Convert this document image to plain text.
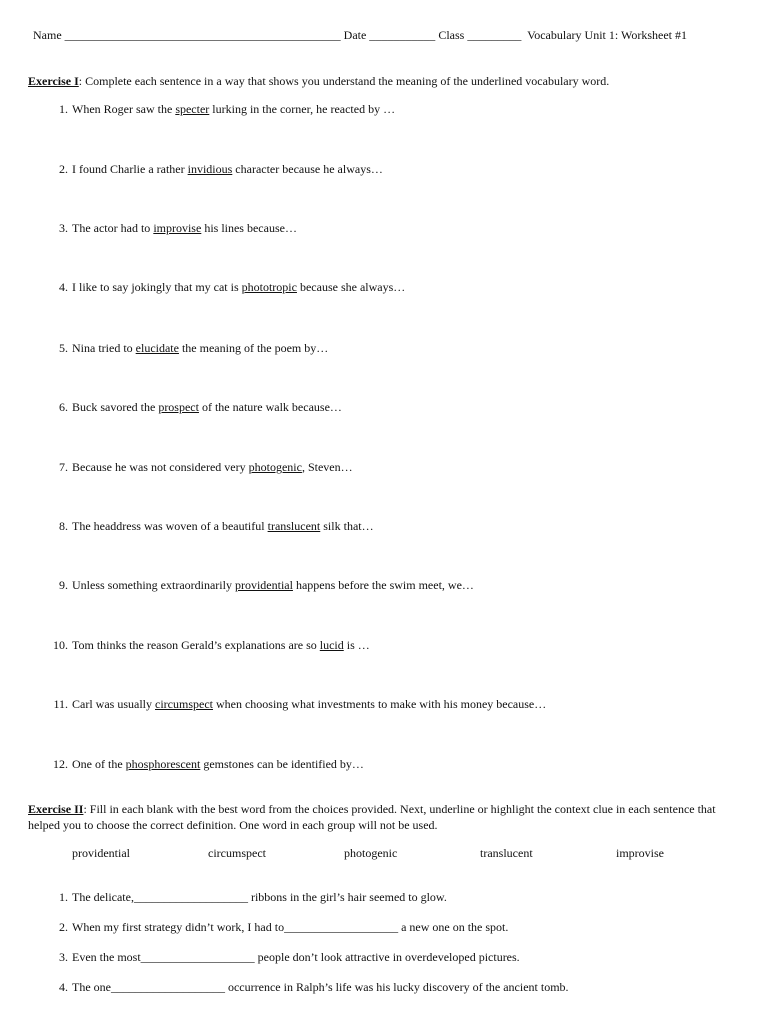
Name ______________________________________________ Date ___________ Class _________  Vocabulary Unit 1: Worksheet #1
Exercise I: Complete each sentence in a way that shows you understand the meaning of the underlined vocabulary word.
1. When Roger saw the specter lurking in the corner, he reacted by …
2. I found Charlie a rather invidious character because he always…
3. The actor had to improvise his lines because…
4. I like to say jokingly that my cat is phototropic because she always…
5. Nina tried to elucidate the meaning of the poem by…
6. Buck savored the prospect of the nature walk because…
7. Because he was not considered very photogenic, Steven…
8. The headdress was woven of a beautiful translucent silk that…
9. Unless something extraordinarily providential happens before the swim meet, we…
10. Tom thinks the reason Gerald’s explanations are so lucid is …
11. Carl was usually circumspect when choosing what investments to make with his money because…
12. One of the phosphorescent gemstones can be identified by…
Exercise II: Fill in each blank with the best word from the choices provided. Next, underline or highlight the context clue in each sentence that helped you to choose the correct definition. One word in each group will not be used.
providential	circumspect	photogenic	translucent	improvise
1. The delicate,___________________ ribbons in the girl’s hair seemed to glow.
2. When my first strategy didn’t work, I had to___________________ a new one on the spot.
3. Even the most___________________ people don’t look attractive in overdeveloped pictures.
4. The one___________________ occurrence in Ralph’s life was his lucky discovery of the ancient tomb.
